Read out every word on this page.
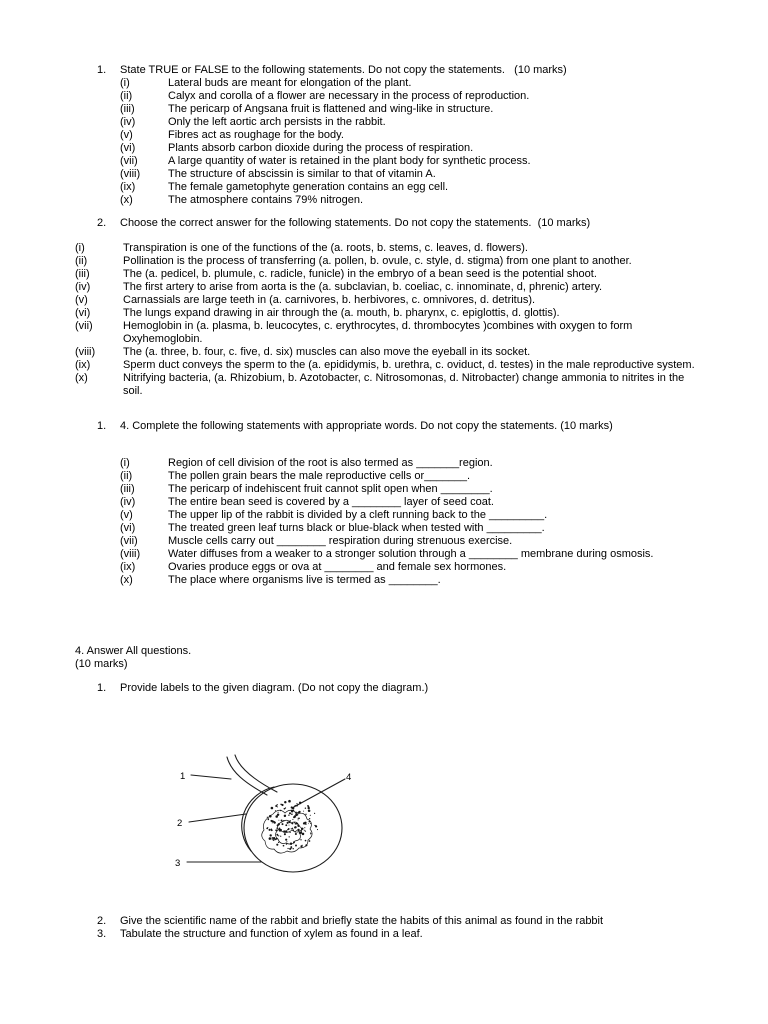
1.	State TRUE or FALSE to the following statements. Do not copy the statements.   (10 marks)
(i)	Lateral buds are meant for elongation of the plant.
(ii)	Calyx and corolla of a flower are necessary in the process of reproduction.
(iii)	The pericarp of Angsana fruit is flattened and wing-like in structure.
(iv)	Only the left aortic arch persists in the rabbit.
(v)	Fibres act as roughage for the body.
(vi)	Plants absorb carbon dioxide during the process of respiration.
(vii)	A large quantity of water is retained in the plant body for synthetic process.
(viii)	The structure of abscissin is similar to that of vitamin A.
(ix)	The female gametophyte generation contains an egg cell.
(x)	The atmosphere contains 79% nitrogen.
2.	Choose the correct answer for the following statements. Do not copy the statements.  (10 marks)
(i)	Transpiration is one of the functions of the (a. roots, b. stems, c. leaves, d. flowers).
(ii)	Pollination is the process of transferring (a. pollen, b. ovule, c. style, d. stigma) from one plant to another.
(iii)	The (a. pedicel, b. plumule, c. radicle, funicle) in the embryo of a bean seed is the potential shoot.
(iv)	The first artery to arise from aorta is the (a. subclavian, b. coeliac, c. innominate, d, phrenic) artery.
(v)	Carnassials are large teeth in (a. carnivores, b. herbivores, c. omnivores, d. detritus).
(vi)	The lungs expand drawing in air through the (a. mouth, b. pharynx, c. epiglottis, d. glottis).
(vii)	Hemoglobin in (a. plasma, b. leucocytes, c. erythrocytes, d. thrombocytes )combines with oxygen to form Oxyhemoglobin.
(viii)	The (a. three, b. four, c. five, d. six) muscles can also move the eyeball in its socket.
(ix)	Sperm duct conveys the sperm to the (a. epididymis, b. urethra, c. oviduct, d. testes) in the male reproductive system.
(x)	Nitrifying bacteria, (a. Rhizobium, b. Azotobacter, c. Nitrosomonas, d. Nitrobacter) change ammonia to nitrites in the soil.
1.	4. Complete the following statements with appropriate words. Do not copy the statements. (10 marks)
(i)	Region of cell division of the root is also termed as _______region.
(ii)	The pollen grain bears the male reproductive cells or_______.
(iii)	The pericarp of indehiscent fruit cannot split open when ________.
(iv)	The entire bean seed is covered by a ________ layer of seed coat.
(v)	The upper lip of the rabbit is divided by a cleft running back to the _________.
(vi)	The treated green leaf turns black or blue-black when tested with _________.
(vii)	Muscle cells carry out ________ respiration during strenuous exercise.
(viii)	Water diffuses from a weaker to a stronger solution through a ________ membrane during osmosis.
(ix)	Ovaries produce eggs or ova at ________ and female sex hormones.
(x)	The place where organisms live is termed as ________.
4. Answer All questions.
(10 marks)
1.	Provide labels to the given diagram. (Do not copy the diagram.)
1	4
2
3
2.	Give the scientific name of the rabbit and briefly state the habits of this animal as found in the rabbit
3.	Tabulate the structure and function of xylem as found in a leaf.
